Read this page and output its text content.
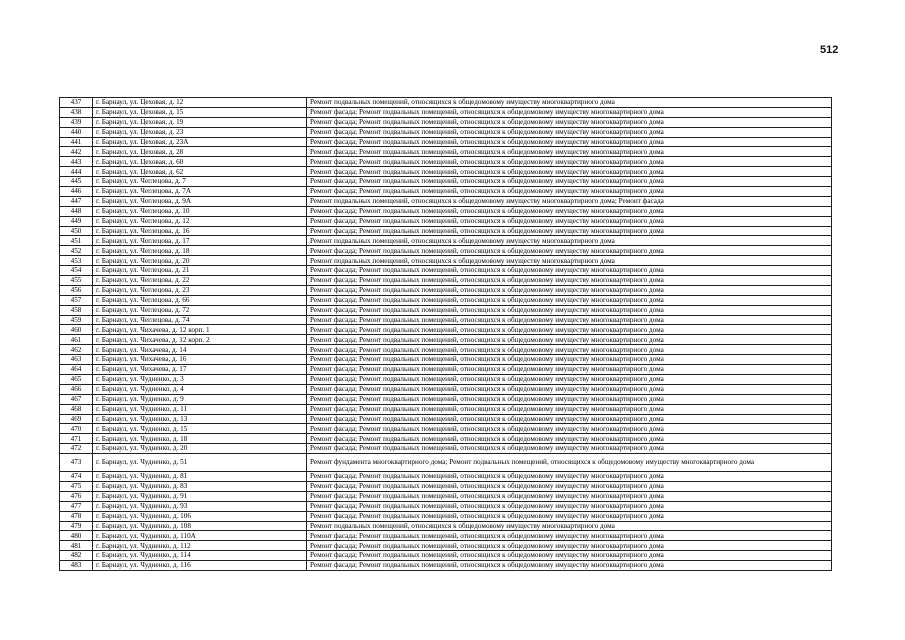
512
437	г. Барнаул, ул. Цеховая, д. 12	Ремонт подвальных помещений, относящихся к общедомовому имуществу многоквартирного дома
438	г. Барнаул, ул. Цеховая, д. 15	Ремонт фасада; Ремонт подвальных помещений, относящихся к общедомовому имуществу многоквартирного дома
439	г. Барнаул, ул. Цеховая, д. 19	Ремонт фасада; Ремонт подвальных помещений, относящихся к общедомовому имуществу многоквартирного дома
440	г. Барнаул, ул. Цеховая, д. 23	Ремонт фасада; Ремонт подвальных помещений, относящихся к общедомовому имуществу многоквартирного дома
441	г. Барнаул, ул. Цеховая, д. 23А	Ремонт фасада; Ремонт подвальных помещений, относящихся к общедомовому имуществу многоквартирного дома
442	г. Барнаул, ул. Цеховая, д. 28	Ремонт фасада; Ремонт подвальных помещений, относящихся к общедомовому имуществу многоквартирного дома
443	г. Барнаул, ул. Цеховая, д. 60	Ремонт фасада; Ремонт подвальных помещений, относящихся к общедомовому имуществу многоквартирного дома
444	г. Барнаул, ул. Цеховая, д. 62	Ремонт фасада; Ремонт подвальных помещений, относящихся к общедомовому имуществу многоквартирного дома
445	г. Барнаул, ул. Чеглецова, д. 7	Ремонт фасада; Ремонт подвальных помещений, относящихся к общедомовому имуществу многоквартирного дома
446	г. Барнаул, ул. Чеглецова, д. 7А	Ремонт фасада; Ремонт подвальных помещений, относящихся к общедомовому имуществу многоквартирного дома
447	г. Барнаул, ул. Чеглецова, д. 9А	Ремонт подвальных помещений, относящихся к общедомовому имуществу многоквартирного дома; Ремонт фасада
448	г. Барнаул, ул. Чеглецова, д. 10	Ремонт фасада; Ремонт подвальных помещений, относящихся к общедомовому имуществу многоквартирного дома
449	г. Барнаул, ул. Чеглецова, д. 12	Ремонт фасада; Ремонт подвальных помещений, относящихся к общедомовому имуществу многоквартирного дома
450	г. Барнаул, ул. Чеглецова, д. 16	Ремонт фасада; Ремонт подвальных помещений, относящихся к общедомовому имуществу многоквартирного дома
451	г. Барнаул, ул. Чеглецова, д. 17	Ремонт подвальных помещений, относящихся к общедомовому имуществу многоквартирного дома
452	г. Барнаул, ул. Чеглецова, д. 18	Ремонт фасада; Ремонт подвальных помещений, относящихся к общедомовому имуществу многоквартирного дома
453	г. Барнаул, ул. Чеглецова, д. 20	Ремонт подвальных помещений, относящихся к общедомовому имуществу многоквартирного дома
454	г. Барнаул, ул. Чеглецова, д. 21	Ремонт фасада; Ремонт подвальных помещений, относящихся к общедомовому имуществу многоквартирного дома
455	г. Барнаул, ул. Чеглецова, д. 22	Ремонт фасада; Ремонт подвальных помещений, относящихся к общедомовому имуществу многоквартирного дома
456	г. Барнаул, ул. Чеглецова, д. 23	Ремонт фасада; Ремонт подвальных помещений, относящихся к общедомовому имуществу многоквартирного дома
457	г. Барнаул, ул. Чеглецова, д. 66	Ремонт фасада; Ремонт подвальных помещений, относящихся к общедомовому имуществу многоквартирного дома
458	г. Барнаул, ул. Чеглецова, д. 72	Ремонт фасада; Ремонт подвальных помещений, относящихся к общедомовому имуществу многоквартирного дома
459	г. Барнаул, ул. Чеглецова, д. 74	Ремонт фасада; Ремонт подвальных помещений, относящихся к общедомовому имуществу многоквартирного дома
460	г. Барнаул, ул. Чихачева, д. 12 корп. 1	Ремонт фасада; Ремонт подвальных помещений, относящихся к общедомовому имуществу многоквартирного дома
461	г. Барнаул, ул. Чихачева, д. 12 корп. 2	Ремонт фасада; Ремонт подвальных помещений, относящихся к общедомовому имуществу многоквартирного дома
462	г. Барнаул, ул. Чихачева, д. 14	Ремонт фасада; Ремонт подвальных помещений, относящихся к общедомовому имуществу многоквартирного дома
463	г. Барнаул, ул. Чихачева, д. 16	Ремонт фасада; Ремонт подвальных помещений, относящихся к общедомовому имуществу многоквартирного дома
464	г. Барнаул, ул. Чихачева, д. 17	Ремонт фасада; Ремонт подвальных помещений, относящихся к общедомовому имуществу многоквартирного дома
465	г. Барнаул, ул. Чудненко, д. 3	Ремонт фасада; Ремонт подвальных помещений, относящихся к общедомовому имуществу многоквартирного дома
466	г. Барнаул, ул. Чудненко, д. 4	Ремонт фасада; Ремонт подвальных помещений, относящихся к общедомовому имуществу многоквартирного дома
467	г. Барнаул, ул. Чудненко, д. 9	Ремонт фасада; Ремонт подвальных помещений, относящихся к общедомовому имуществу многоквартирного дома
468	г. Барнаул, ул. Чудненко, д. 11	Ремонт фасада; Ремонт подвальных помещений, относящихся к общедомовому имуществу многоквартирного дома
469	г. Барнаул, ул. Чудненко, д. 13	Ремонт фасада; Ремонт подвальных помещений, относящихся к общедомовому имуществу многоквартирного дома
470	г. Барнаул, ул. Чудненко, д. 15	Ремонт фасада; Ремонт подвальных помещений, относящихся к общедомовому имуществу многоквартирного дома
471	г. Барнаул, ул. Чудненко, д. 18	Ремонт фасада; Ремонт подвальных помещений, относящихся к общедомовому имуществу многоквартирного дома
472	г. Барнаул, ул. Чудненко, д. 20	Ремонт фасада; Ремонт подвальных помещений, относящихся к общедомовому имуществу многоквартирного дома
473	г. Барнаул, ул. Чудненко, д. 51	Ремонт фундамента многоквартирного дома; Ремонт подвальных помещений, относящихся к общедомовому имуществу многоквартирного дома
474	г. Барнаул, ул. Чудненко, д. 81	Ремонт фасада; Ремонт подвальных помещений, относящихся к общедомовому имуществу многоквартирного дома
475	г. Барнаул, ул. Чудненко, д. 83	Ремонт фасада; Ремонт подвальных помещений, относящихся к общедомовому имуществу многоквартирного дома
476	г. Барнаул, ул. Чудненко, д. 91	Ремонт фасада; Ремонт подвальных помещений, относящихся к общедомовому имуществу многоквартирного дома
477	г. Барнаул, ул. Чудненко, д. 93	Ремонт фасада; Ремонт подвальных помещений, относящихся к общедомовому имуществу многоквартирного дома
478	г. Барнаул, ул. Чудненко, д. 106	Ремонт фасада; Ремонт подвальных помещений, относящихся к общедомовому имуществу многоквартирного дома
479	г. Барнаул, ул. Чудненко, д. 108	Ремонт подвальных помещений, относящихся к общедомовому имуществу многоквартирного дома
480	г. Барнаул, ул. Чудненко, д. 110А	Ремонт фасада; Ремонт подвальных помещений, относящихся к общедомовому имуществу многоквартирного дома
481	г. Барнаул, ул. Чудненко, д. 112	Ремонт фасада; Ремонт подвальных помещений, относящихся к общедомовому имуществу многоквартирного дома
482	г. Барнаул, ул. Чудненко, д. 114	Ремонт фасада; Ремонт подвальных помещений, относящихся к общедомовому имуществу многоквартирного дома
483	г. Барнаул, ул. Чудненко, д. 116	Ремонт фасада; Ремонт подвальных помещений, относящихся к общедомовому имуществу многоквартирного дома
